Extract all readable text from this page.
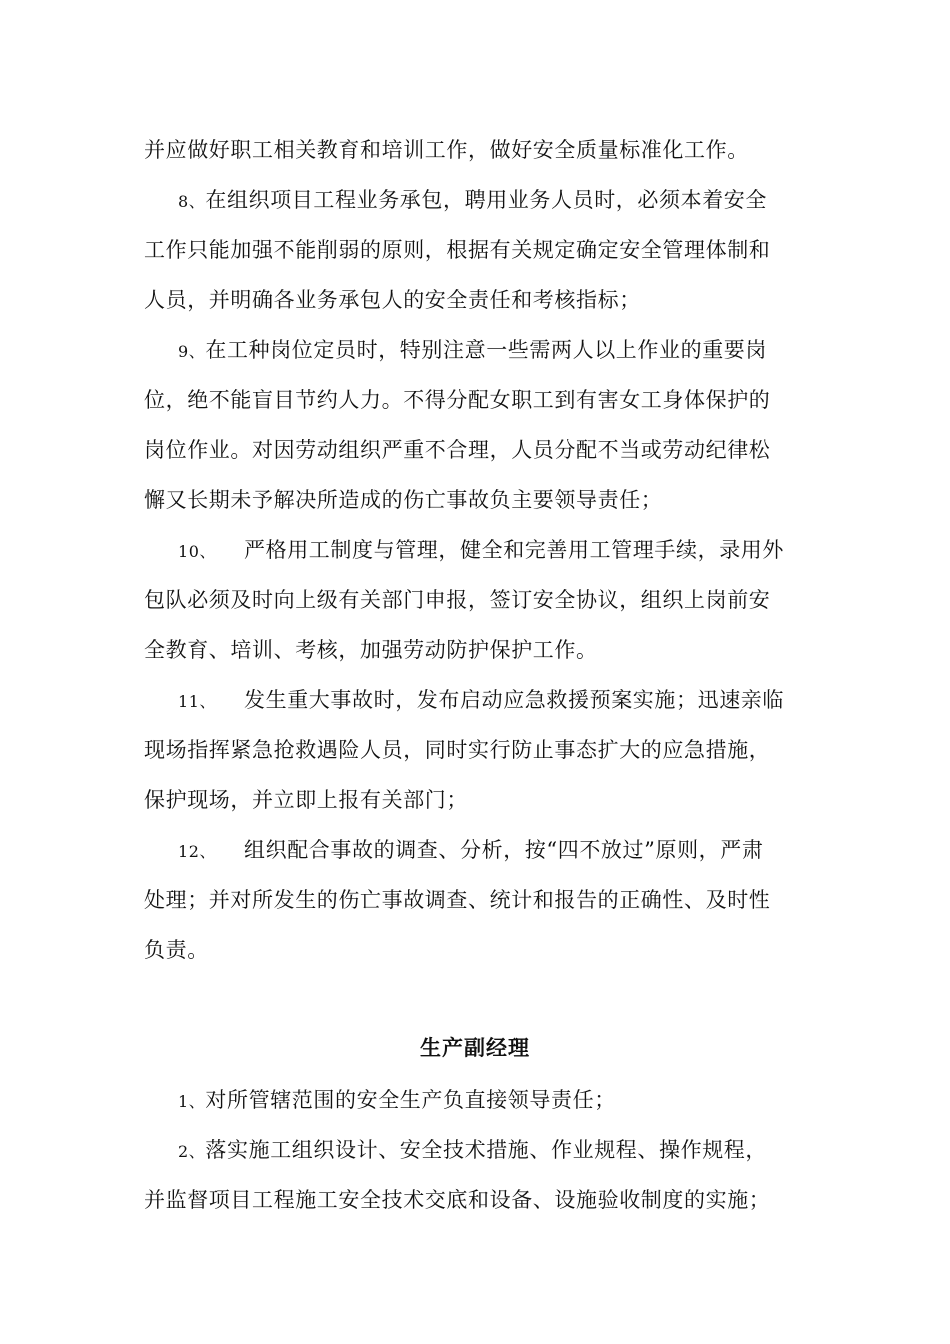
并应做好职工相关教育和培训工作，做好安全质量标准化工作。
8、在组织项目工程业务承包，聘用业务人员时，必须本着安全
工作只能加强不能削弱的原则，根据有关规定确定安全管理体制和
人员，并明确各业务承包人的安全责任和考核指标；
9、在工种岗位定员时，特别注意一些需两人以上作业的重要岗
位，绝不能盲目节约人力。不得分配女职工到有害女工身体保护的
岗位作业。对因劳动组织严重不合理，人员分配不当或劳动纪律松
懈又长期未予解决所造成的伤亡事故负主要领导责任；
10、 严格用工制度与管理，健全和完善用工管理手续，录用外
包队必须及时向上级有关部门申报，签订安全协议，组织上岗前安
全教育、培训、考核，加强劳动防护保护工作。
11、 发生重大事故时，发布启动应急救援预案实施；迅速亲临
现场指挥紧急抢救遇险人员，同时实行防止事态扩大的应急措施，
保护现场，并立即上报有关部门；
12、 组织配合事故的调查、分析，按“四不放过”原则，严肃
处理；并对所发生的伤亡事故调查、统计和报告的正确性、及时性
负责。
生产副经理
1、对所管辖范围的安全生产负直接领导责任；
2、落实施工组织设计、安全技术措施、作业规程、操作规程，
并监督项目工程施工安全技术交底和设备、设施验收制度的实施；
